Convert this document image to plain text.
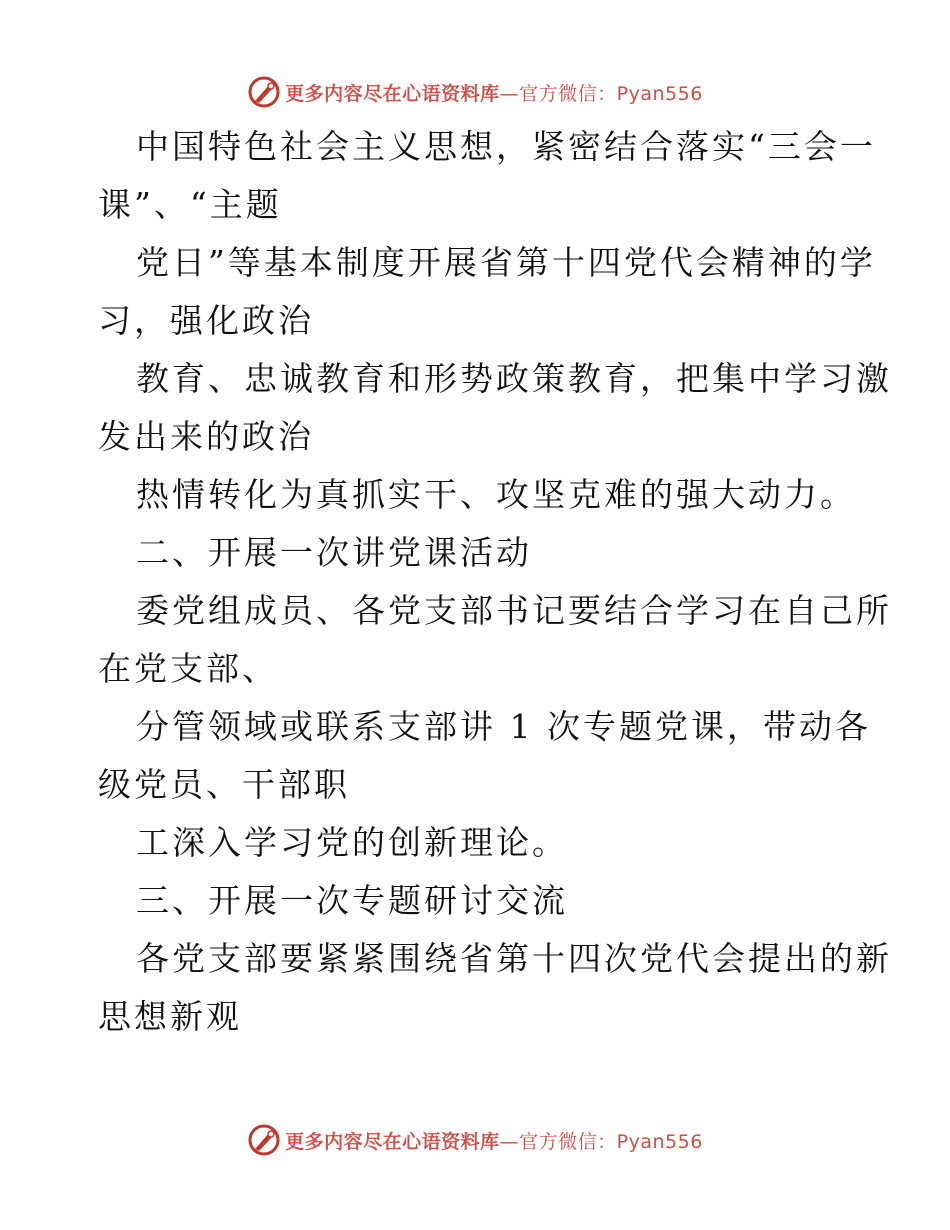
更多内容尽在心语资料库—官方微信：Pyan556
中国特色社会主义思想，紧密结合落实“三会一
课”、“主题
党日”等基本制度开展省第十四党代会精神的学
习，强化政治
教育、忠诚教育和形势政策教育，把集中学习激
发出来的政治
热情转化为真抓实干、攻坚克难的强大动力。
二、开展一次讲党课活动
委党组成员、各党支部书记要结合学习在自己所
在党支部、
分管领域或联系支部讲 1 次专题党课，带动各
级党员、干部职
工深入学习党的创新理论。
三、开展一次专题研讨交流
各党支部要紧紧围绕省第十四次党代会提出的新
思想新观
更多内容尽在心语资料库—官方微信：Pyan556
